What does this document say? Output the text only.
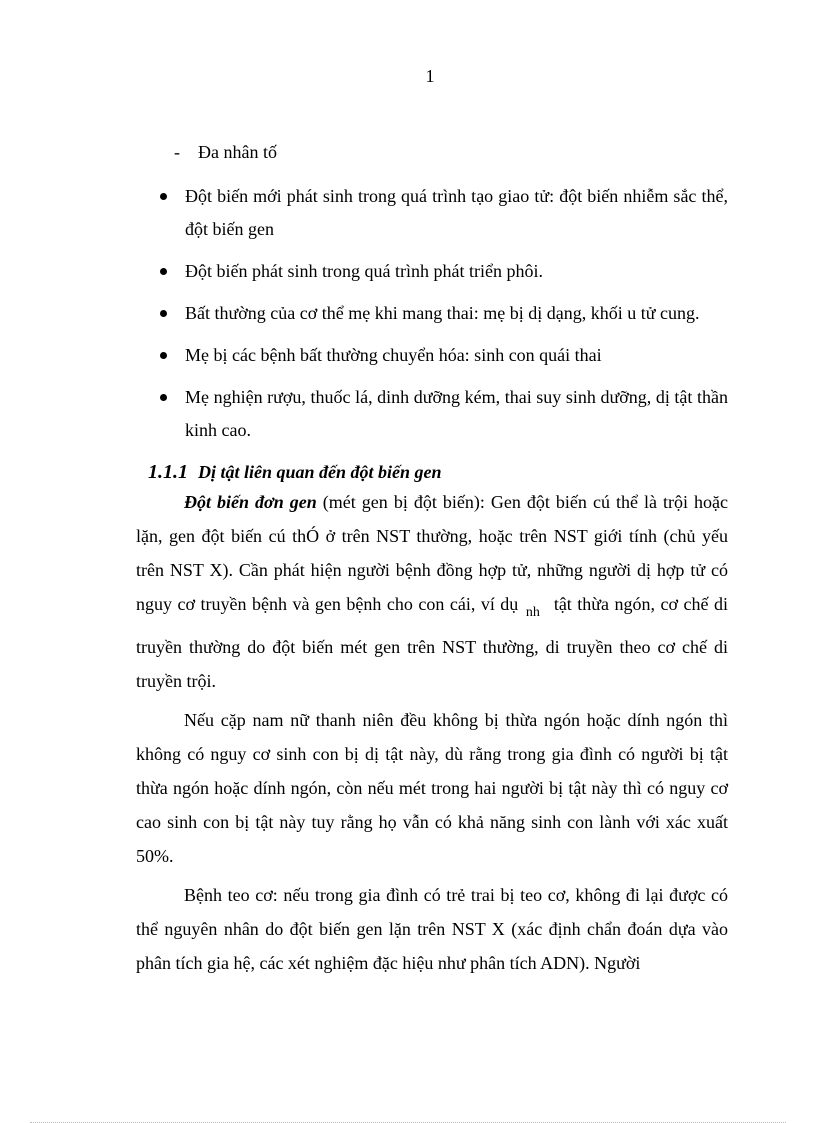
1
- Đa nhân tố
Đột biến mới phát sinh trong quá trình tạo giao tử: đột biến nhiễm sắc thể, đột biến gen
Đột biến phát sinh trong quá trình phát triển phôi.
Bất thường của cơ thể mẹ khi mang thai: mẹ bị dị dạng, khối u tử cung.
Mẹ bị các bệnh bất thường chuyển hóa: sinh con quái thai
Mẹ nghiện rượu, thuốc lá, dinh dưỡng kém, thai suy sinh dưỡng, dị tật thần kinh cao.
1.1.1 Dị tật liên quan đến đột biến gen

Đột biến đơn gen (mét gen bị đột biến): Gen đột biến cú thể là trội hoặc lặn, gen đột biến cú thÓ ở trên NST thường, hoặc trên NST giới tính (chủ yếu trên NST X). Cần phát hiện người bệnh đồng hợp tử, những người dị hợp tử có nguy cơ truyền bệnh và gen bệnh cho con cái, ví dụ $_{nh}$ tật thừa ngón, cơ chế di truyền thường do đột biến mét gen trên NST thường, di truyền theo cơ chế di truyền trội.

Nếu cặp nam nữ thanh niên đều không bị thừa ngón hoặc dính ngón thì không có nguy cơ sinh con bị dị tật này, dù rằng trong gia đình có người bị tật thừa ngón hoặc dính ngón, còn nếu mét trong hai người bị tật này thì có nguy cơ cao sinh con bị tật này tuy rằng họ vẫn có khả năng sinh con lành với xác xuất 50%.

Bệnh teo cơ: nếu trong gia đình có trẻ trai bị teo cơ, không đi lại được có thể nguyên nhân do đột biến gen lặn trên NST X (xác định chẩn đoán dựa vào phân tích gia hệ, các xét nghiệm đặc hiệu như phân tích ADN). Người
